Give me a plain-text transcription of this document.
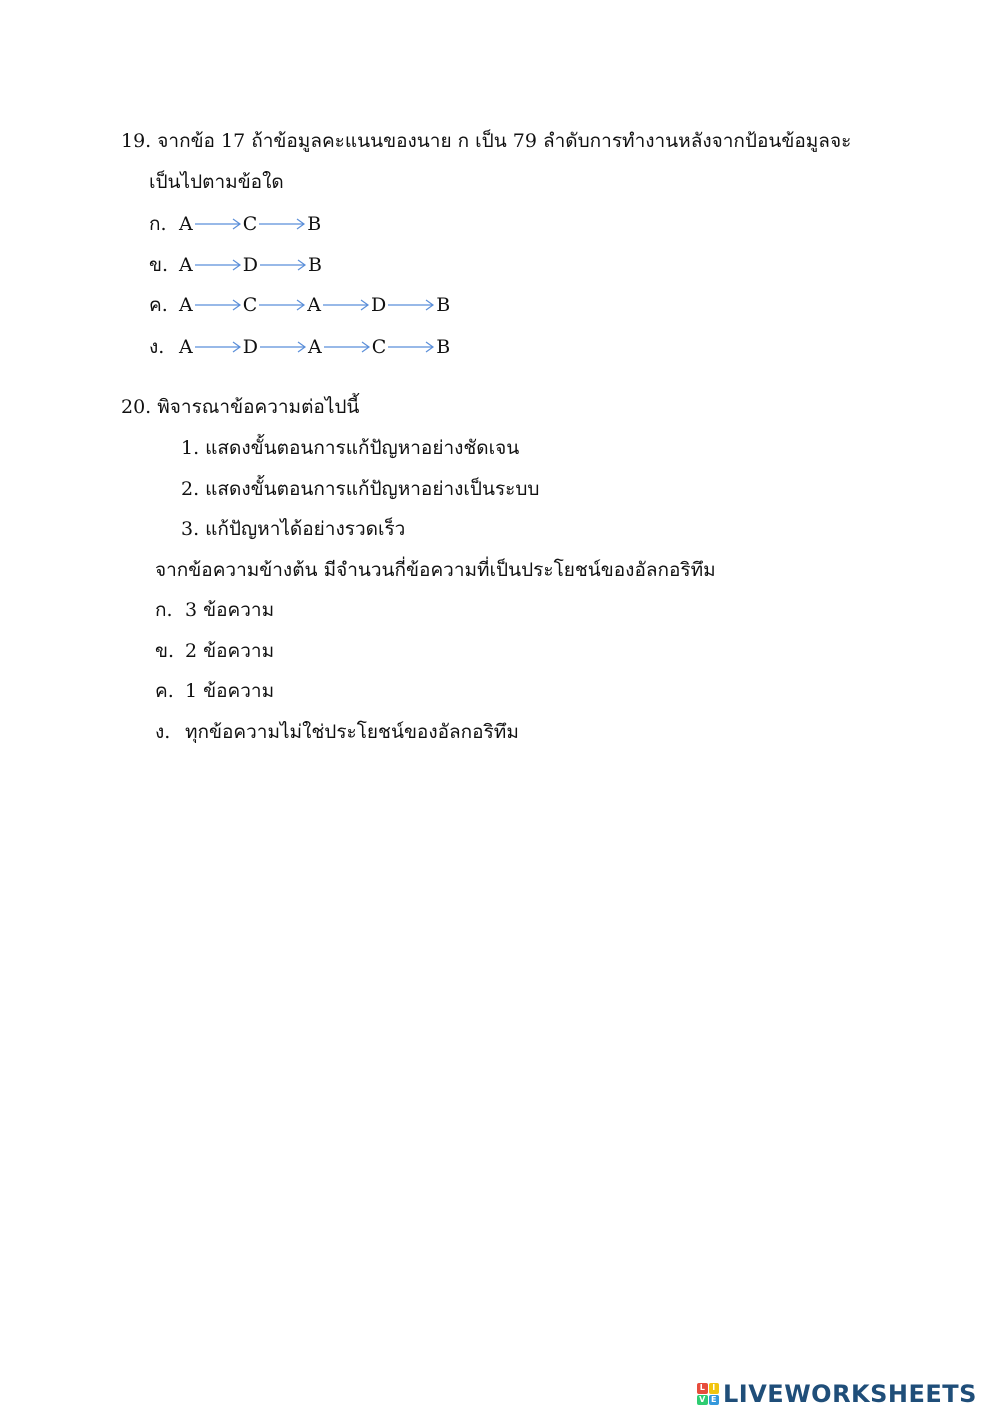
19. จากข้อ 17 ถ้าข้อมูลคะแนนของนาย ก เป็น 79 ลำดับการทำงานหลังจากป้อนข้อมูลจะ
เป็นไปตามข้อใด
ก. A	C	B
ข. A	D	B
ค. A	C	A	D	B
ง. A	D	A	C	B
20. พิจารณาข้อความต่อไปนี้
1. แสดงขั้นตอนการแก้ปัญหาอย่างชัดเจน
2. แสดงขั้นตอนการแก้ปัญหาอย่างเป็นระบบ
3. แก้ปัญหาได้อย่างรวดเร็ว
จากข้อความข้างต้น มีจำนวนกี่ข้อความที่เป็นประโยชน์ของอัลกอริทึม
ก. 3 ข้อความ
ข. 2 ข้อความ
ค. 1 ข้อความ
ง. ทุกข้อความไม่ใช่ประโยชน์ของอัลกอริทึม
L I
V E LIVEWORKSHEETS
